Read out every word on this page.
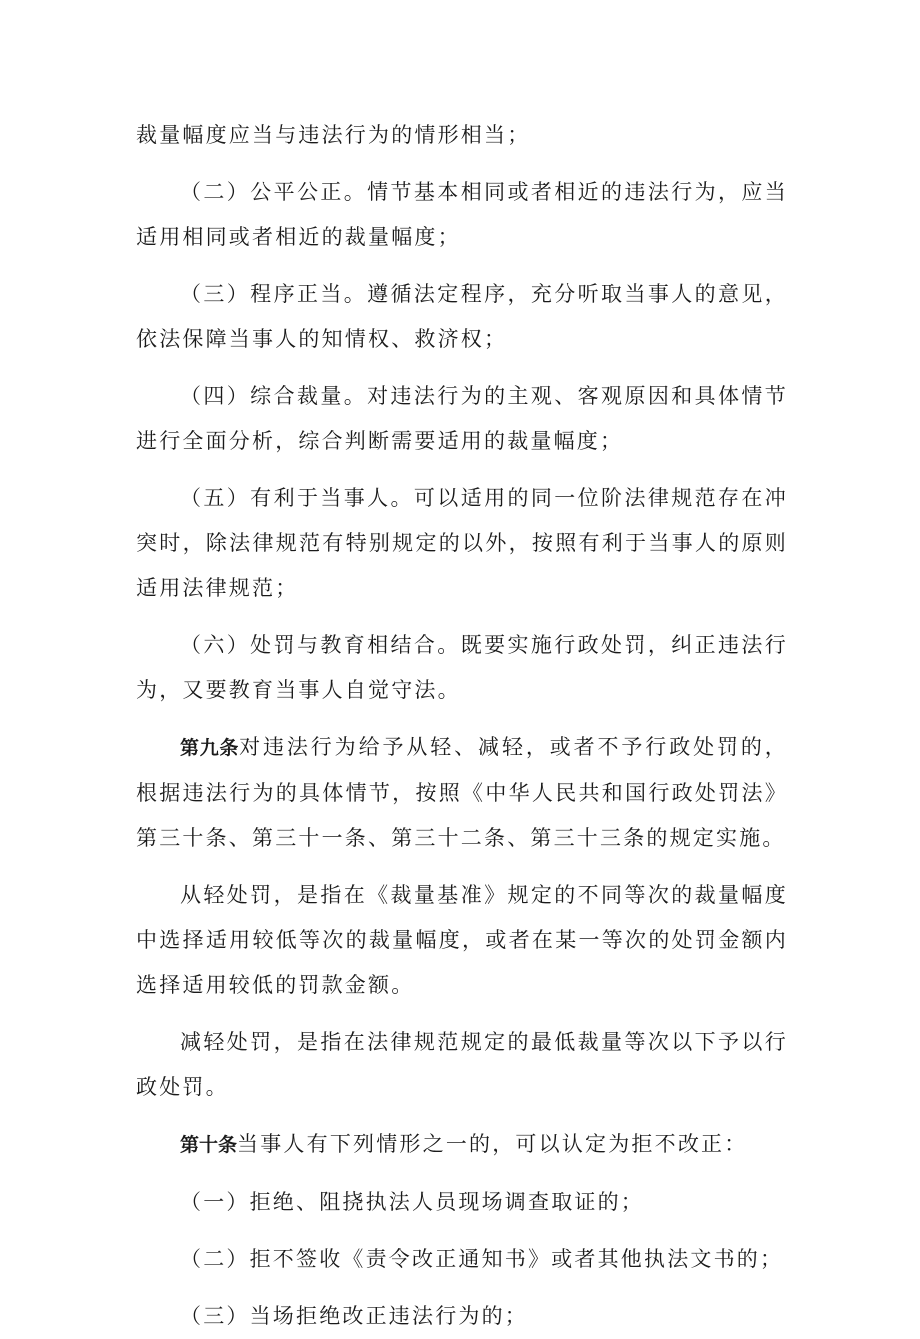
裁量幅度应当与违法行为的情形相当；

（二）公平公正。情节基本相同或者相近的违法行为，应当适用相同或者相近的裁量幅度；

（三）程序正当。遵循法定程序，充分听取当事人的意见，依法保障当事人的知情权、救济权；

（四）综合裁量。对违法行为的主观、客观原因和具体情节进行全面分析，综合判断需要适用的裁量幅度；

（五）有利于当事人。可以适用的同一位阶法律规范存在冲突时，除法律规范有特别规定的以外，按照有利于当事人的原则适用法律规范；

（六）处罚与教育相结合。既要实施行政处罚，纠正违法行为，又要教育当事人自觉守法。

第九条对违法行为给予从轻、减轻，或者不予行政处罚的，根据违法行为的具体情节，按照《中华人民共和国行政处罚法》第三十条、第三十一条、第三十二条、第三十三条的规定实施。

从轻处罚，是指在《裁量基准》规定的不同等次的裁量幅度中选择适用较低等次的裁量幅度，或者在某一等次的处罚金额内选择适用较低的罚款金额。

减轻处罚，是指在法律规范规定的最低裁量等次以下予以行政处罚。

第十条当事人有下列情形之一的，可以认定为拒不改正：

（一）拒绝、阻挠执法人员现场调查取证的；

（二）拒不签收《责令改正通知书》或者其他执法文书的；

（三）当场拒绝改正违法行为的；
